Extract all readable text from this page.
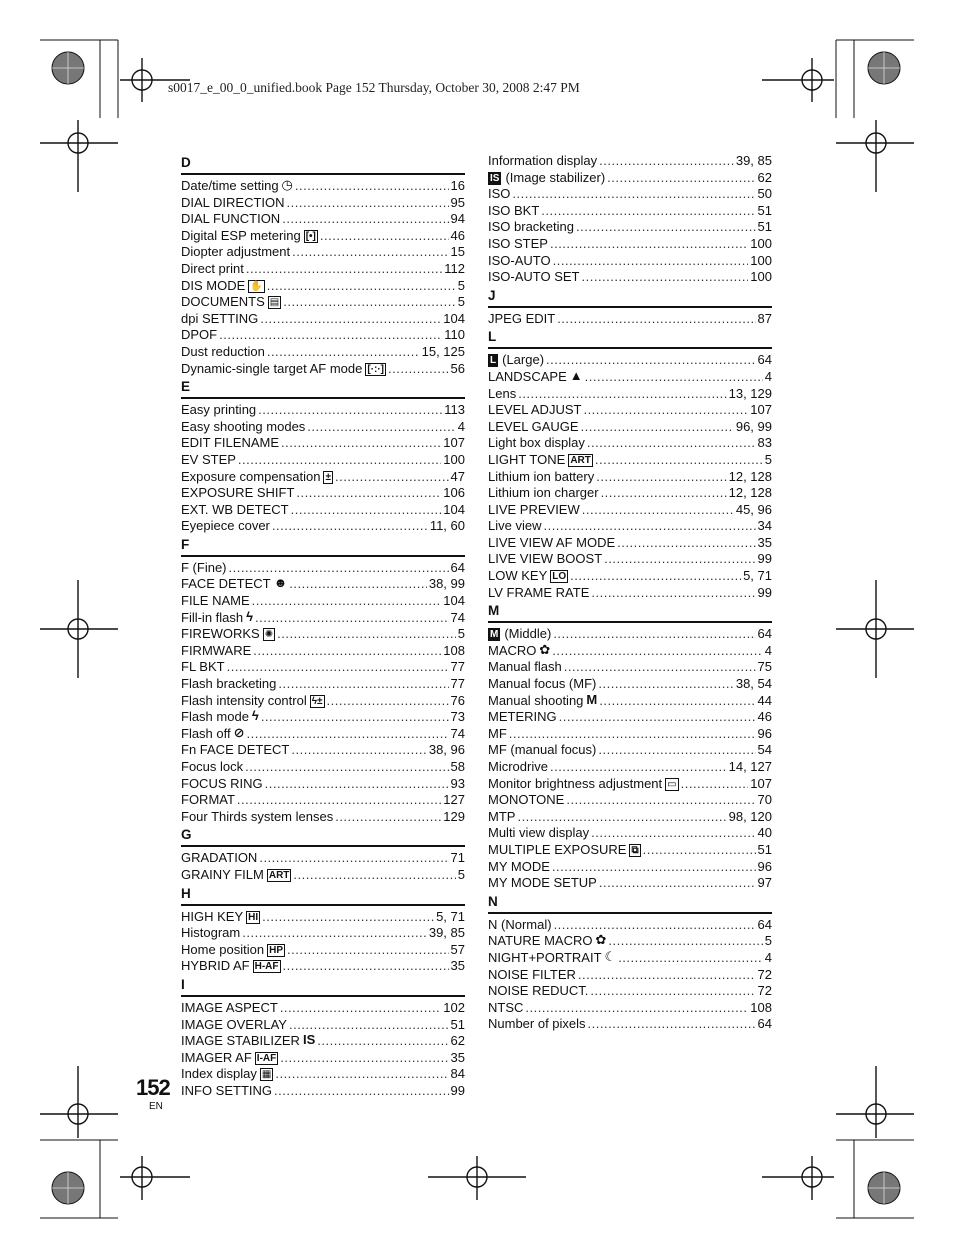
s0017_e_00_0_unified.book Page 152 Thursday, October 30, 2008 2:47 PM
D
Date/time setting ◷ .....	16
DIAL DIRECTION .....	95
DIAL FUNCTION .....	94
Digital ESP metering [•] .....	46
Diopter adjustment .....	15
Direct print .....	112
DIS MODE ✋ .....	5
DOCUMENTS ▤ .....	5
dpi SETTING .....	104
DPOF .....	110
Dust reduction .....	15, 125
Dynamic-single target AF mode [·:·] .....	56
E
Easy printing .....	113
Easy shooting modes .....	4
EDIT FILENAME .....	107
EV STEP .....	100
Exposure compensation ± .....	47
EXPOSURE SHIFT .....	106
EXT. WB DETECT .....	104
Eyepiece cover .....	11, 60
F
F (Fine) .....	64
FACE DETECT ☻ .....	38, 99
FILE NAME .....	104
Fill-in flash ϟ .....	74
FIREWORKS ✺ .....	5
FIRMWARE .....	108
FL BKT .....	77
Flash bracketing .....	77
Flash intensity control ϟ± .....	76
Flash mode ϟ .....	73
Flash off ⊘ .....	74
Fn FACE DETECT .....	38, 96
Focus lock .....	58
FOCUS RING .....	93
FORMAT .....	127
Four Thirds system lenses .....	129
G
GRADATION .....	71
GRAINY FILM ART .....	5
H
HIGH KEY HI .....	5, 71
Histogram .....	39, 85
Home position HP .....	57
HYBRID AF H-AF .....	35
I
IMAGE ASPECT .....	102
IMAGE OVERLAY .....	51
IMAGE STABILIZER IS .....	62
IMAGER AF I-AF .....	35
Index display ▦ .....	84
INFO SETTING .....	99
Information display .....	39, 85
IS (Image stabilizer) .....	62
ISO .....	50
ISO BKT .....	51
ISO bracketing .....	51
ISO STEP .....	100
ISO-AUTO .....	100
ISO-AUTO SET .....	100
J
JPEG EDIT .....	87
L
L (Large) .....	64
LANDSCAPE ▲ .....	4
Lens .....	13, 129
LEVEL ADJUST .....	107
LEVEL GAUGE .....	96, 99
Light box display .....	83
LIGHT TONE ART .....	5
Lithium ion battery .....	12, 128
Lithium ion charger .....	12, 128
LIVE PREVIEW .....	45, 96
Live view .....	34
LIVE VIEW AF MODE .....	35
LIVE VIEW BOOST .....	99
LOW KEY LO .....	5, 71
LV FRAME RATE .....	99
M
M (Middle) .....	64
MACRO ✿ .....	4
Manual flash .....	75
Manual focus (MF) .....	38, 54
Manual shooting M .....	44
METERING .....	46
MF .....	96
MF (manual focus) .....	54
Microdrive .....	14, 127
Monitor brightness adjustment ▭ .....	107
MONOTONE .....	70
MTP .....	98, 120
Multi view display .....	40
MULTIPLE EXPOSURE ⧉ .....	51
MY MODE .....	96
MY MODE SETUP .....	97
N
N (Normal) .....	64
NATURE MACRO ✿ .....	5
NIGHT+PORTRAIT ☾ .....	4
NOISE FILTER .....	72
NOISE REDUCT. .....	72
NTSC .....	108
Number of pixels .....	64
152
EN
